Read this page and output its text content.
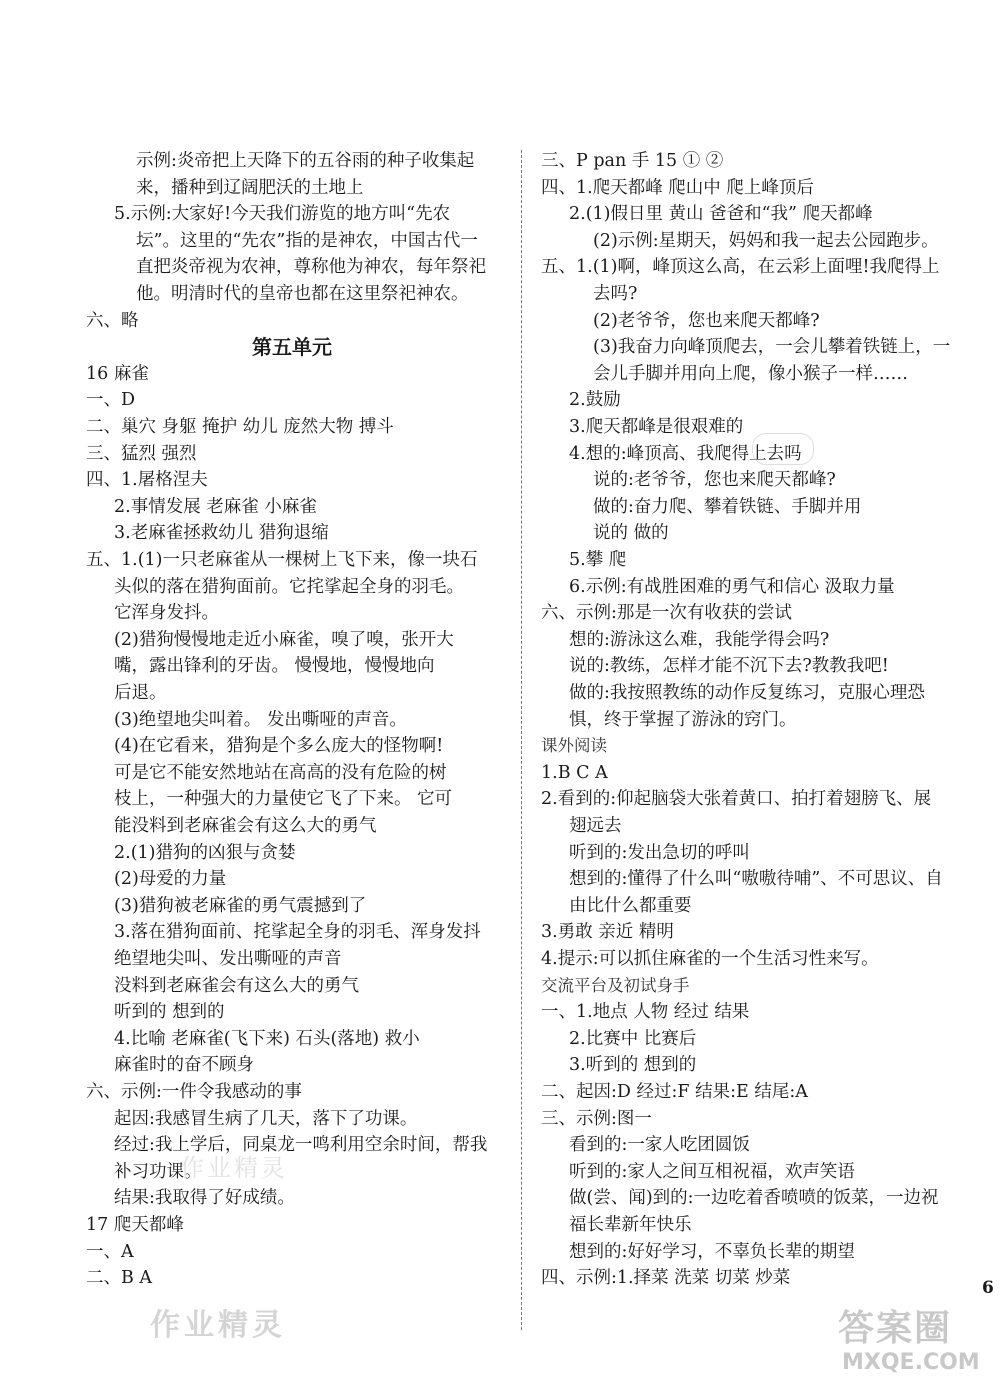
示例:炎帝把上天降下的五谷雨的种子收集起
来，播种到辽阔肥沃的土地上
5.示例:大家好!今天我们游览的地方叫“先农
坛”。这里的“先农”指的是神农，中国古代一
直把炎帝视为农神，尊称他为神农，每年祭祀
他。明清时代的皇帝也都在这里祭祀神农。
六、略
第五单元
16 麻雀
一、D
二、巢穴 身躯 掩护 幼儿 庞然大物 搏斗
三、猛烈 强烈
四、1.屠格涅夫
2.事情发展 老麻雀 小麻雀
3.老麻雀拯救幼儿 猎狗退缩
五、1.(1)一只老麻雀从一棵树上飞下来，像一块石
头似的落在猎狗面前。它挓挲起全身的羽毛。
它浑身发抖。
(2)猎狗慢慢地走近小麻雀，嗅了嗅，张开大
嘴，露出锋利的牙齿。 慢慢地，慢慢地向
后退。
(3)绝望地尖叫着。 发出嘶哑的声音。
(4)在它看来，猎狗是个多么庞大的怪物啊!
可是它不能安然地站在高高的没有危险的树
枝上，一种强大的力量使它飞了下来。 它可
能没料到老麻雀会有这么大的勇气
2.(1)猎狗的凶狠与贪婪
(2)母爱的力量
(3)猎狗被老麻雀的勇气震撼到了
3.落在猎狗面前、挓挲起全身的羽毛、浑身发抖
绝望地尖叫、发出嘶哑的声音
没料到老麻雀会有这么大的勇气
听到的 想到的
4.比喻 老麻雀(飞下来) 石头(落地) 救小
麻雀时的奋不顾身
六、示例:一件令我感动的事
起因:我感冒生病了几天，落下了功课。
经过:我上学后，同桌龙一鸣利用空余时间，帮我
补习功课。
结果:我取得了好成绩。
17 爬天都峰
一、A
二、B A
三、P pan 手 15 ① ②
四、1.爬天都峰 爬山中 爬上峰顶后
2.(1)假日里 黄山 爸爸和“我” 爬天都峰
(2)示例:星期天，妈妈和我一起去公园跑步。
五、1.(1)啊，峰顶这么高，在云彩上面哩!我爬得上
去吗?
(2)老爷爷，您也来爬天都峰?
(3)我奋力向峰顶爬去，一会儿攀着铁链上，一
会儿手脚并用向上爬，像小猴子一样……
2.鼓励
3.爬天都峰是很艰难的
4.想的:峰顶高、我爬得上去吗
说的:老爷爷，您也来爬天都峰?
做的:奋力爬、攀着铁链、手脚并用
说的 做的
5.攀 爬
6.示例:有战胜困难的勇气和信心 汲取力量
六、示例:那是一次有收获的尝试
想的:游泳这么难，我能学得会吗?
说的:教练，怎样才能不沉下去?教教我吧!
做的:我按照教练的动作反复练习，克服心理恐
惧，终于掌握了游泳的窍门。
课外阅读
1.B C A
2.看到的:仰起脑袋大张着黄口、拍打着翅膀飞、展
翅远去
听到的:发出急切的呼叫
想到的:懂得了什么叫“嗷嗷待哺”、不可思议、自
由比什么都重要
3.勇敢 亲近 精明
4.提示:可以抓住麻雀的一个生活习性来写。
交流平台及初试身手
一、1.地点 人物 经过 结果
2.比赛中 比赛后
3.听到的 想到的
二、起因:D 经过:F 结果:E 结尾:A
三、示例:图一
看到的:一家人吃团圆饭
听到的:家人之间互相祝福，欢声笑语
做(尝、闻)到的:一边吃着香喷喷的饭菜，一边祝
福长辈新年快乐
想到的:好好学习，不辜负长辈的期望
四、示例:1.择菜 洗菜 切菜 炒菜
作业精灵
作业精灵
6
答案圈
MXQE.COM
